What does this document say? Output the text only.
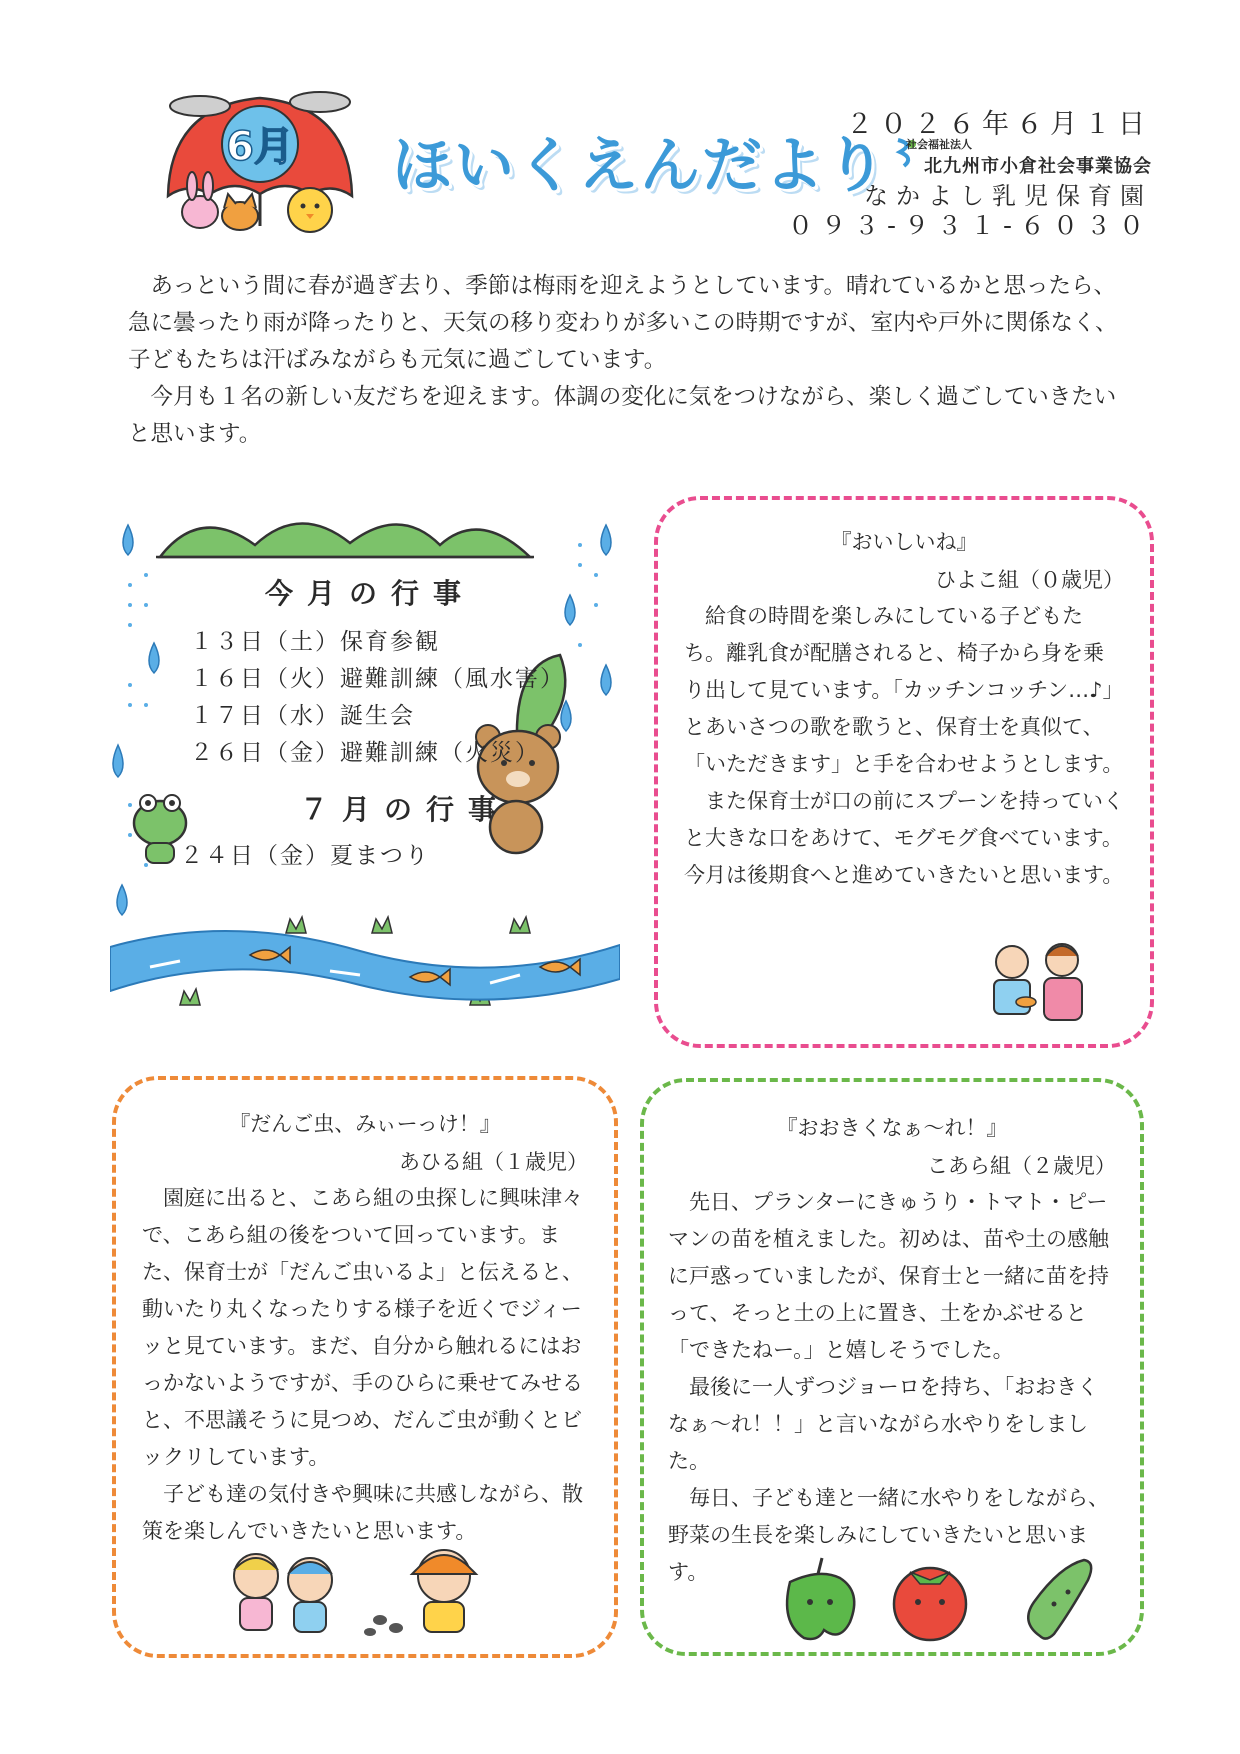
6月 ほいくえんだより
２０２６年６月１日
社会福祉法人
北九州市小倉社会事業協会
なかよし乳児保育園
０９３-９３１-６０３０

あっという間に春が過ぎ去り、季節は梅雨を迎えようとしています。晴れているかと思ったら、急に曇ったり雨が降ったりと、天気の移り変わりが多いこの時期ですが、室内や戸外に関係なく、子どもたちは汗ばみながらも元気に過ごしています。

今月も１名の新しい友だちを迎えます。体調の変化に気をつけながら、楽しく過ごしていきたいと思います。

今月の行事
１３日（土）保育参観
１６日（火）避難訓練（風水害）
１７日（水）誕生会
２６日（金）避難訓練（火災）
７月の行事
２４日（金）夏まつり
『おいしいね』
ひよこ組（０歳児）

給食の時間を楽しみにしている子どもたち。離乳食が配膳されると、椅子から身を乗り出して見ています。「カッチンコッチン…♪」とあいさつの歌を歌うと、保育士を真似て、「いただきます」と手を合わせようとします。

また保育士が口の前にスプーンを持っていくと大きな口をあけて、モグモグ食べています。今月は後期食へと進めていきたいと思います。

『だんご虫、みぃーっけ！』
あひる組（１歳児）

園庭に出ると、こあら組の虫探しに興味津々で、こあら組の後をついて回っています。また、保育士が「だんご虫いるよ」と伝えると、動いたり丸くなったりする様子を近くでジィーッと見ています。まだ、自分から触れるにはおっかないようですが、手のひらに乗せてみせると、不思議そうに見つめ、だんご虫が動くとビックリしています。

子ども達の気付きや興味に共感しながら、散策を楽しんでいきたいと思います。

『おおきくなぁ～れ！』
こあら組（２歳児）

先日、プランターにきゅうり・トマト・ピーマンの苗を植えました。初めは、苗や土の感触に戸惑っていましたが、保育士と一緒に苗を持って、そっと土の上に置き、土をかぶせると「できたねー。」と嬉しそうでした。

最後に一人ずつジョーロを持ち、「おおきくなぁ～れ！！」と言いながら水やりをしました。

毎日、子ども達と一緒に水やりをしながら、野菜の生長を楽しみにしていきたいと思います。
